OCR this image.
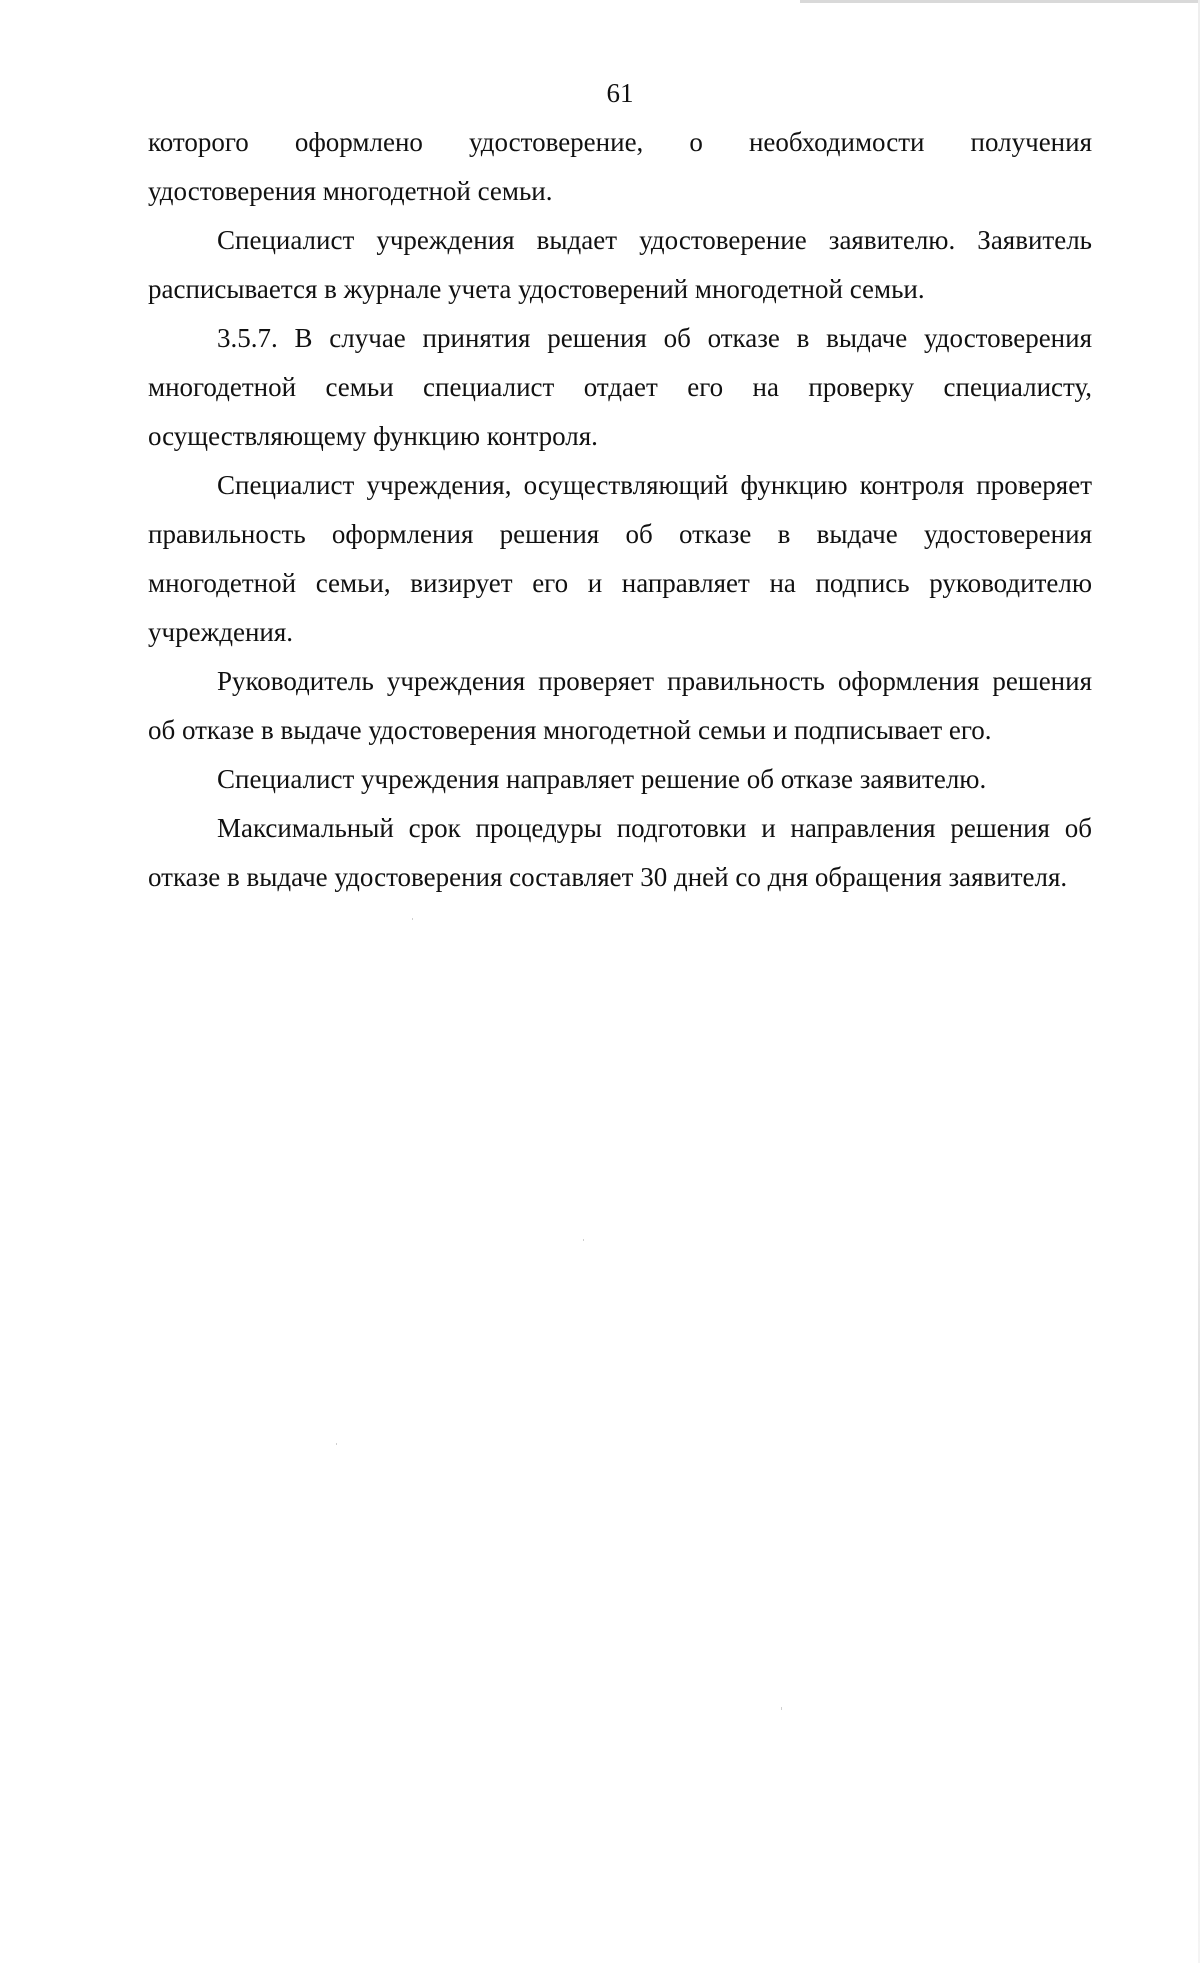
61

которого оформлено удостоверение, о необходимости получения
удостоверения многодетной семьи.

Специалист учреждения выдает удостоверение заявителю. Заявитель расписывается в журнале учета удостоверений многодетной семьи.

3.5.7. В случае принятия решения об отказе в выдаче удостоверения многодетной семьи специалист отдает его на проверку специалисту, осуществляющему функцию контроля.

Специалист учреждения, осуществляющий функцию контроля проверяет правильность оформления решения об отказе в выдаче удостоверения многодетной семьи, визирует его и направляет на подпись руководителю учреждения.

Руководитель учреждения проверяет правильность оформления решения об отказе в выдаче удостоверения многодетной семьи и подписывает его.

Специалист учреждения направляет решение об отказе заявителю.

Максимальный срок процедуры подготовки и направления решения об отказе в выдаче удостоверения составляет 30 дней со дня обращения заявителя.
